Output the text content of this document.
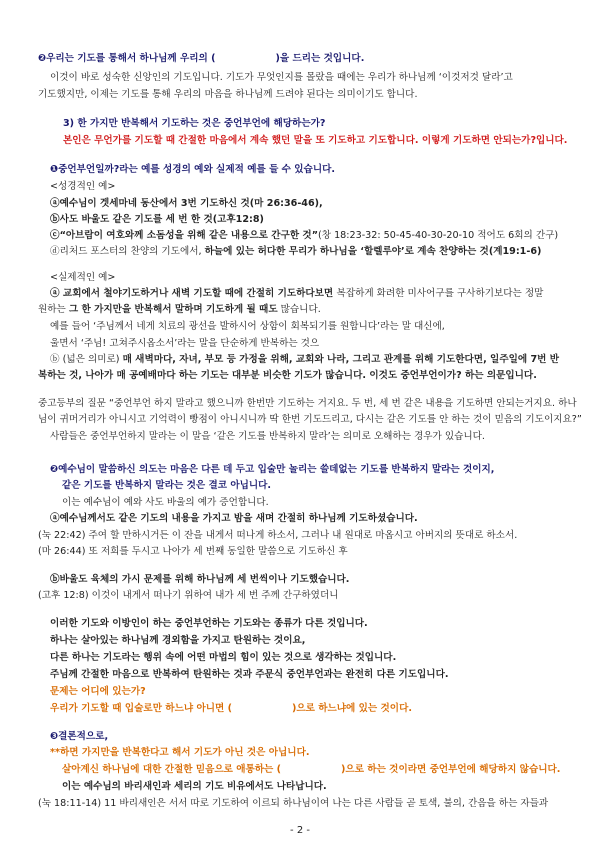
❷우리는 기도를 통해서 하나님께 우리의 (	)을 드리는 것입니다.
이것이 바로 성숙한 신앙인의 기도입니다. 기도가 무엇인지를 몰랐을 때에는 우리가 하나님께 ‘이것저것 달라’고
기도했지만, 이제는 기도를 통해 우리의 마음을 하나님께 드려야 된다는 의미이기도 합니다.
3) 한 가지만 반복해서 기도하는 것은 중언부언에 해당하는가?
본인은 무언가를 기도할 때 간절한 마음에서 계속 했던 말을 또 기도하고 기도합니다. 이렇게 기도하면 안되는가?입니다.
❶중언부언일까?라는 예를 성경의 예와 실제적 예를 들 수 있습니다.
<성경적인 예>
ⓐ예수님이 겟세마네 동산에서 3번 기도하신 것(마 26:36-46),
ⓑ사도 바울도 같은 기도를 세 번 한 것(고후12:8)
ⓒ“아브람이 여호와께 소돔성을 위해 같은 내용으로 간구한 것”(창 18:23-32: 50-45-40-30-20-10 적어도 6회의 간구)
ⓓ리처드 포스터의 찬양의 기도에서, 하늘에 있는 허다한 무리가 하나님을 ‘할렐루야’로 계속 찬양하는 것(계19:1-6)
<실제적인 예>
ⓐ 교회에서 철야기도하거나 새벽 기도할 때에 간절히 기도하다보면 복잡하게 화려한 미사어구를 구사하기보다는 정말
원하는 그 한 가지만을 반복해서 말하며 기도하게 될 때도 많습니다.
예를 들어 ‘주님께서 네게 치료의 광선을 발하시어 상함이 회복되기를 원합니다’라는 말 대신에,
울면서 ‘주님! 고쳐주시옵소서’라는 말을 단순하게 반복하는 것으
ⓑ (넓은 의미로) 매 새벽마다, 자녀, 부모 등 가정을 위해, 교회와 나라, 그리고 관계를 위해 기도한다면, 일주일에 7번 반
복하는 것, 나아가 매 공예배마다 하는 기도는 대부분 비슷한 기도가 많습니다. 이것도 중언부언이가? 하는 의문입니다.
중고등부의 질문 “중언부언 하지 말라고 했으니까 한번만 기도하는 거지요. 두 번, 세 번 같은 내용을 기도하면 안되는거지요. 하나
님이 귀머거리가 아니시고 기억력이 빵점이 아니시니까 딱 한번 기도드리고, 다시는 같은 기도를 안 하는 것이 믿음의 기도이지요?”
사람들은 중언부언하지 말라는 이 말을 ‘같은 기도를 반복하지 말라’는 의미로 오해하는 경우가 있습니다.
❷예수님이 말씀하신 의도는 마음은 다른 데 두고 입술만 놀리는 쓸데없는 기도를 반복하지 말라는 것이지,
같은 기도를 반복하지 말라는 것은 결코 아닙니다.
이는 예수님이 예와 사도 바울의 예가 증언합니다.
ⓐ예수님께서도 같은 기도의 내용을 가지고 밤을 새며 간절히 하나님께 기도하셨습니다.
(눅 22:42) 주여 할 만하시거든 이 잔을 내게서 떠나게 하소서, 그러나 내 원대로 마옵시고 아버지의 뜻대로 하소서.
(마 26:44) 또 저희를 두시고 나아가 세 번째 동일한 말씀으로 기도하신 후
ⓑ바울도 육체의 가시 문제를 위해 하나님께 세 번씩이나 기도했습니다.
(고후 12:8) 이것이 내게서 떠나기 위하여 내가 세 번 주께 간구하였더니
이러한 기도와 이방인이 하는 중언부언하는 기도와는 종류가 다른 것입니다.
하나는 살아있는 하나님께 경외함을 가지고 탄원하는 것이요,
다른 하나는 기도라는 행위 속에 어떤 마법의 힘이 있는 것으로 생각하는 것입니다.
주님께 간절한 마음으로 반복하여 탄원하는 것과 주문식 중언부언과는 완전히 다른 기도입니다.
문제는 어디에 있는가?
우리가 기도할 때 입술로만 하느냐 아니면 (	)으로 하느냐에 있는 것이다.
❸결론적으로,
**하면 가지만을 반복한다고 해서 기도가 아닌 것은 아닙니다.
살아계신 하나님에 대한 간절한 믿음으로 애통하는 (	)으로 하는 것이라면 중언부언에 해당하지 않습니다.
이는 예수님의 바리새인과 세리의 기도 비유에서도 나타납니다.
(눅 18:11-14) 11 바리새인은 서서 따로 기도하여 이르되 하나님이여 나는 다른 사람들 곧 토색, 불의, 간음을 하는 자들과
- 2 -
